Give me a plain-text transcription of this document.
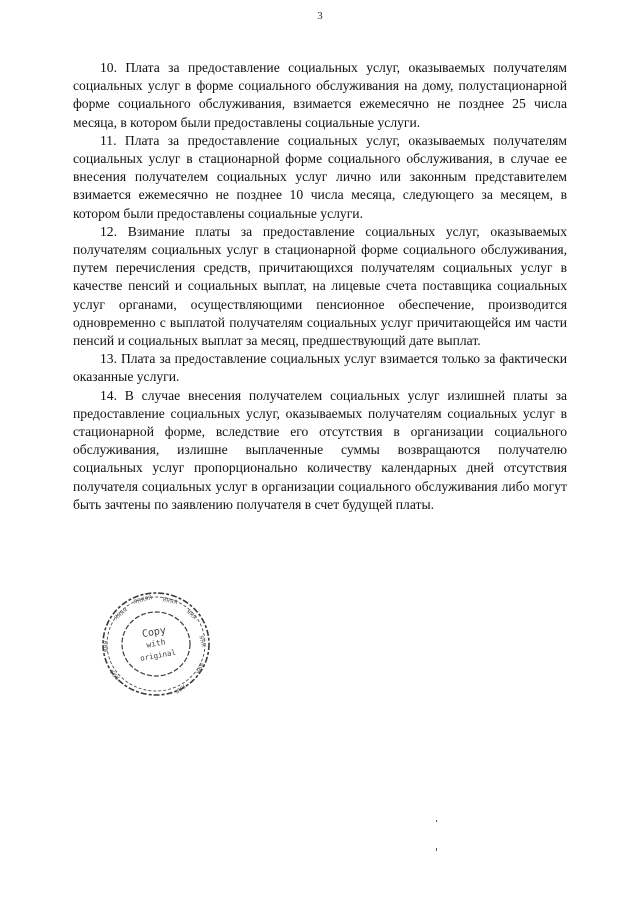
3

10. Плата за предоставление социальных услуг, оказываемых получателям социальных услуг в форме социального обслуживания на дому, полустационарной форме социального обслуживания, взимается ежемесячно не позднее 25 числа месяца, в котором были предоставлены социальные услуги.

11. Плата за предоставление социальных услуг, оказываемых получателям социальных услуг в стационарной форме социального обслуживания, в случае ее внесения получателем социальных услуг лично или законным представителем взимается ежемесячно не позднее 10 числа месяца, следующего за месяцем, в котором были предоставлены социальные услуги.

12. Взимание платы за предоставление социальных услуг, оказываемых получателям социальных услуг в стационарной форме социального обслуживания, путем перечисления средств, причитающихся получателям социальных услуг в качестве пенсий и социальных выплат, на лицевые счета поставщика социальных услуг органами, осуществляющими пенсионное обеспечение, производится одновременно с выплатой получателям социальных услуг причитающейся им части пенсий и социальных выплат за месяц, предшествующий дате выплат.

13. Плата за предоставление социальных услуг взимается только за фактически оказанные услуги.

14. В случае внесения получателем социальных услуг излишней платы за предоставление социальных услуг, оказываемых получателям социальных услуг в стационарной форме, вследствие его отсутствия в организации социального обслуживания, излишне выплаченные суммы возвращаются получателю социальных услуг пропорционально количеству календарных дней отсутствия получателя социальных услуг в организации социального обслуживания либо могут быть зачтены по заявлению получателя в счет будущей платы.

ЯЯЯЯ
ЯЯЯЯЯ ЯЯЯЯ
ЯЯЯ
ЯЯЯ
ЯЯЯ
ЯЯЯ
ЯЯЯ
ЯЯЯ
Copy
with
original
